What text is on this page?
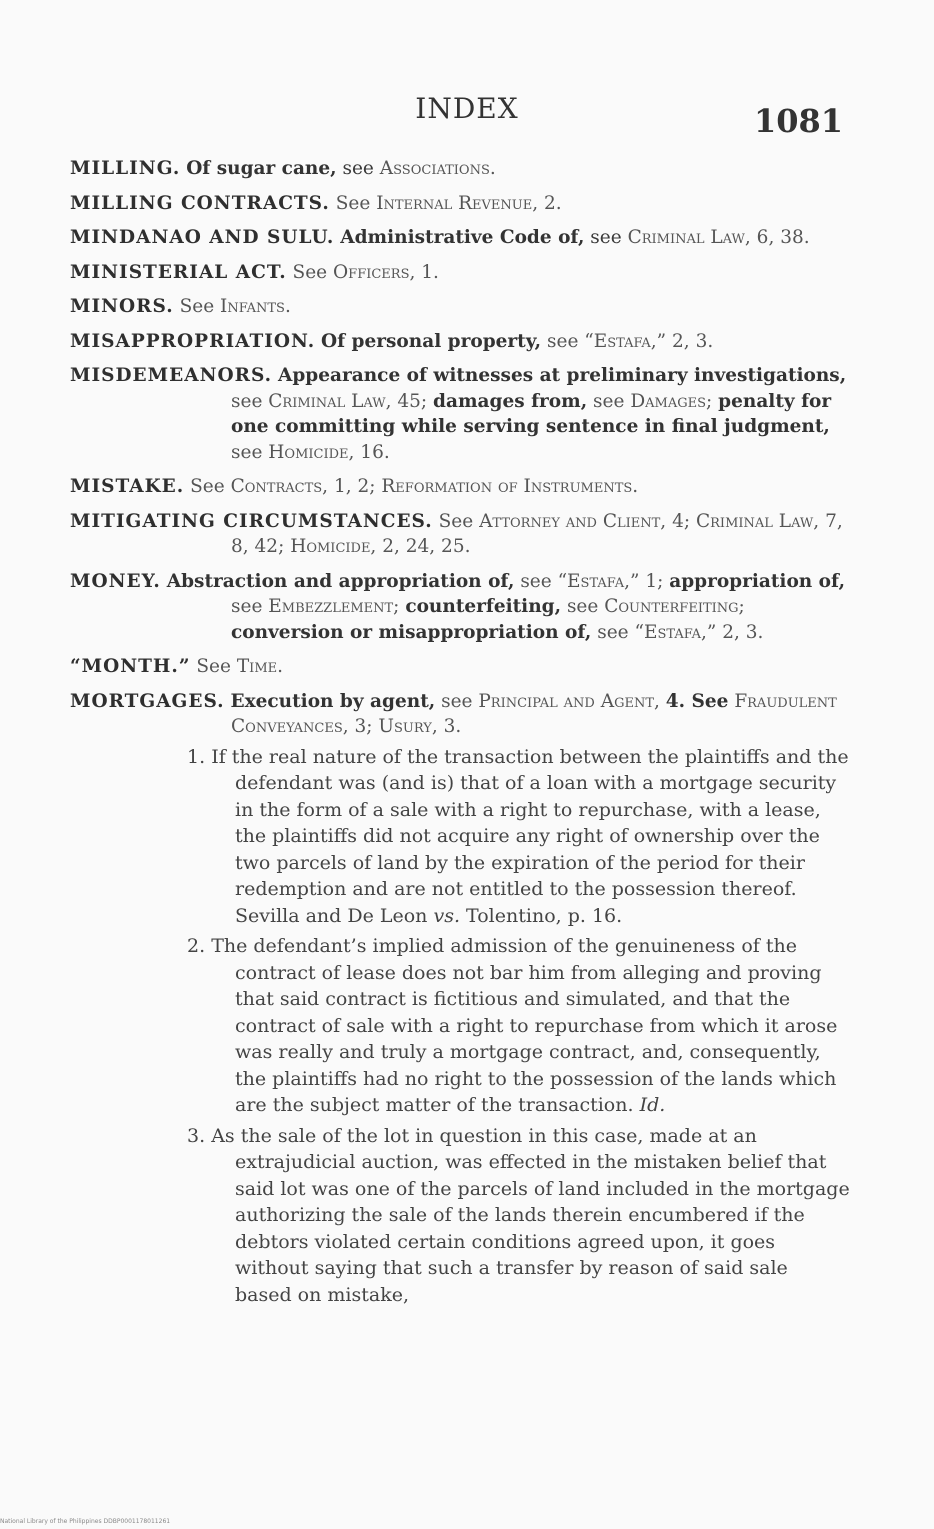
INDEX	1081
MILLING. Of sugar cane, see Associations.
MILLING CONTRACTS. See Internal Revenue, 2.
MINDANAO AND SULU. Administrative Code of, see Criminal Law, 6, 38.
MINISTERIAL ACT. See Officers, 1.
MINORS. See Infants.
MISAPPROPRIATION. Of personal property, see “Estafa,” 2, 3.
MISDEMEANORS. Appearance of witnesses at preliminary investigations, see Criminal Law, 45; damages from, see Damages; penalty for one committing while serving sentence in final judgment, see Homicide, 16.
MISTAKE. See Contracts, 1, 2; Reformation of Instruments.
MITIGATING CIRCUMSTANCES. See Attorney and Client, 4; Criminal Law, 7, 8, 42; Homicide, 2, 24, 25.
MONEY. Abstraction and appropriation of, see “Estafa,” 1; appropriation of, see Embezzlement; counterfeiting, see Counterfeiting; conversion or misappropriation of, see “Estafa,” 2, 3.
“MONTH.” See Time.
MORTGAGES. Execution by agent, see Principal and Agent, 4. See Fraudulent Conveyances, 3; Usury, 3.
1. If the real nature of the transaction between the plaintiffs and the defendant was (and is) that of a loan with a mortgage security in the form of a sale with a right to repurchase, with a lease, the plaintiffs did not acquire any right of ownership over the two parcels of land by the expiration of the period for their redemption and are not entitled to the possession thereof. Sevilla and De Leon vs. Tolentino, p. 16.
2. The defendant’s implied admission of the genuineness of the contract of lease does not bar him from alleging and proving that said contract is fictitious and simulated, and that the contract of sale with a right to repurchase from which it arose was really and truly a mortgage contract, and, consequently, the plaintiffs had no right to the possession of the lands which are the subject matter of the transaction. Id.
3. As the sale of the lot in question in this case, made at an extrajudicial auction, was effected in the mistaken belief that said lot was one of the parcels of land included in the mortgage authorizing the sale of the lands therein encumbered if the debtors violated certain conditions agreed upon, it goes without saying that such a transfer by reason of said sale based on mistake,
National Library of the Philippines DDBP0001178011261
